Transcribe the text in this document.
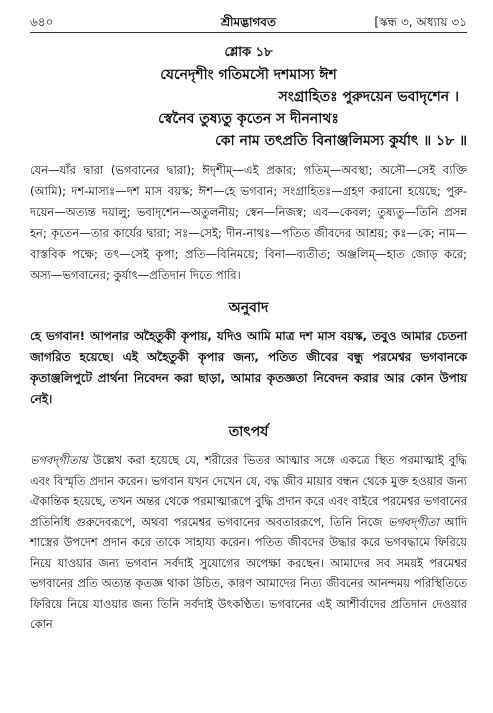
৬৪০	শ্রীমদ্ভাগবত	[স্কন্ধ ৩, অধ্যায় ৩১
শ্লোক ১৮
যেনেদৃশীং গতিমসৌ দশমাস্য ঈশ
সংগ্রাহিতঃ পুরুদয়েন ভবাদৃশেন ।
স্বেনৈব তুষ্যতু কৃতেন স দীননাথঃ
কো নাম তৎপ্রতি বিনাঞ্জলিমস্য কুর্যাৎ ॥ ১৮ ॥
যেন—যাঁর দ্বারা (ভগবানের দ্বারা); ঈদৃশীম্—এই প্রকার; গতিম্—অবস্থা; অসৌ—সেই ব্যক্তি (আমি); দশ-মাস্যঃ—দশ মাস বয়স্ক; ঈশ—হে ভগবান; সংগ্রাহিতঃ—গ্রহণ করানো হয়েছে; পুরু-দয়েন—অত্যন্ত দয়ালু; ভবাদৃশেন—অতুলনীয়; স্বেন—নিজস্ব; এব—কেবল; তুষ্যতু—তিনি প্রসন্ন হন; কৃতেন—তার কার্যের দ্বারা; সঃ—সেই; দীন-নাথঃ—পতিত জীবদের আশ্রয়; কঃ—কে; নাম—বাস্তবিক পক্ষে; তৎ—সেই কৃপা; প্রতি—বিনিময়ে; বিনা—ব্যতীত; অঞ্জলিম্—হাত জোড় করে; অস্য—ভগবানের; কুর্যাৎ—প্রতিদান দিতে পারি।
অনুবাদ
হে ভগবান! আপনার অহৈতুকী কৃপায়, যদিও আমি মাত্র দশ মাস বয়স্ক, তবুও আমার চেতনা জাগরিত হয়েছে। এই অহৈতুকী কৃপার জন্য, পতিত জীবের বন্ধু পরমেশ্বর ভগবানকে কৃতাঞ্জলিপুটে প্রার্থনা নিবেদন করা ছাড়া, আমার কৃতজ্ঞতা নিবেদন করার আর কোন উপায় নেই।
তাৎপর্য
ভগবদ্‌গীতায় উল্লেখ করা হয়েছে যে, শরীরের ভিতর আত্মার সঙ্গে একত্রে স্থিত পরমাত্মাই বুদ্ধি এবং বিস্মৃতি প্রদান করেন। ভগবান যখন দেখেন যে, বদ্ধ জীব মায়ার বন্ধন থেকে মুক্ত হওয়ার জন্য ঐকান্তিক হয়েছে, তখন অন্তর থেকে পরমাত্মারূপে বুদ্ধি প্রদান করে এবং বাইরে পরমেশ্বর ভগবানের প্রতিনিধি গুরুদেবরূপে, অথবা পরমেশ্বর ভগবানের অবতাররূপে, তিনি নিজে ভগবদ্‌গীতা আদি শাস্ত্রের উপদেশ প্রদান করে তাকে সাহায্য করেন। পতিত জীবদের উদ্ধার করে ভগবদ্ধামে ফিরিয়ে নিয়ে যাওয়ার জন্য ভগবান সর্বদাই সুযোগের অপেক্ষা করছেন। আমাদের সব সময়ই পরমেশ্বর ভগবানের প্রতি অত্যন্ত কৃতজ্ঞ থাকা উচিত, কারণ আমাদের নিত্য জীবনের আনন্দময় পরিস্থিতিতে ফিরিয়ে নিয়ে যাওয়ার জন্য তিনি সর্বদাই উৎকণ্ঠিত। ভগবানের এই আশীর্বাদের প্রতিদান দেওয়ার কোন
